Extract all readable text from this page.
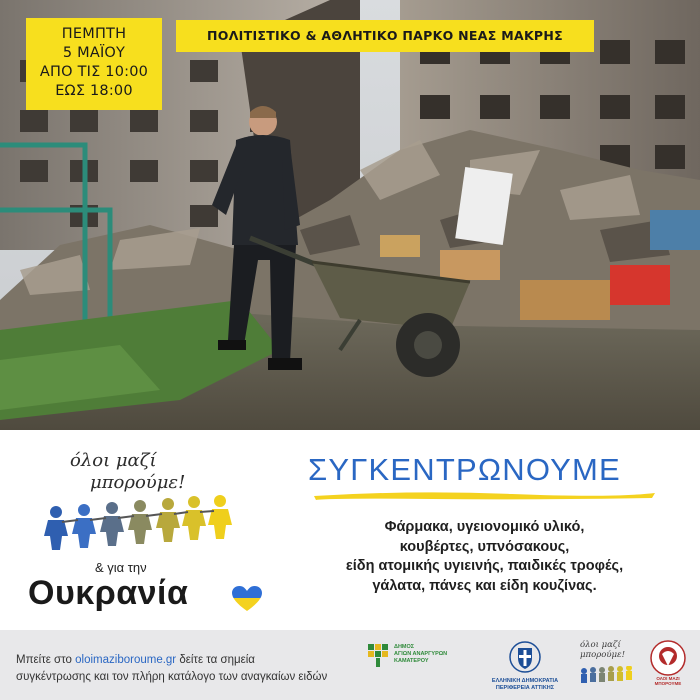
ΠΕΜΠΤΗ
5 ΜΑΪΟΥ
ΑΠΟ ΤΙΣ 10:00
ΕΩΣ 18:00
ΠΟΛΙΤΙΣΤΙΚΟ & ΑΘΛΗΤΙΚΟ ΠΑΡΚΟ ΝΕΑΣ ΜΑΚΡΗΣ
όλοι μαζί
μπορούμε!
& για την
Ουκρανία
ΣΥΓΚΕΝΤΡΩΝΟΥΜΕ
Φάρμακα, υγειονομικό υλικό,
κουβέρτες, υπνόσακους,
είδη ατομικής υγιεινής, παιδικές τροφές,
γάλατα, πάνες και είδη κουζίνας.
Μπείτε στο oloimaziboroume.gr δείτε τα σημεία
συγκέντρωσης και τον πλήρη κατάλογο των αναγκαίων ειδών
ΔΗΜΟΣ
ΑΓΙΩΝ ΑΝΑΡΓΥΡΩΝ
ΚΑΜΑΤΕΡΟΥ
ΕΛΛΗΝΙΚΗ ΔΗΜΟΚΡΑΤΙΑ
ΠΕΡΙΦΕΡΕΙΑ ΑΤΤΙΚΗΣ
όλοι μαζί
μπορούμε!
ΟΛΟΙ ΜΑΖΙ ΜΠΟΡΟΥΜΕ
